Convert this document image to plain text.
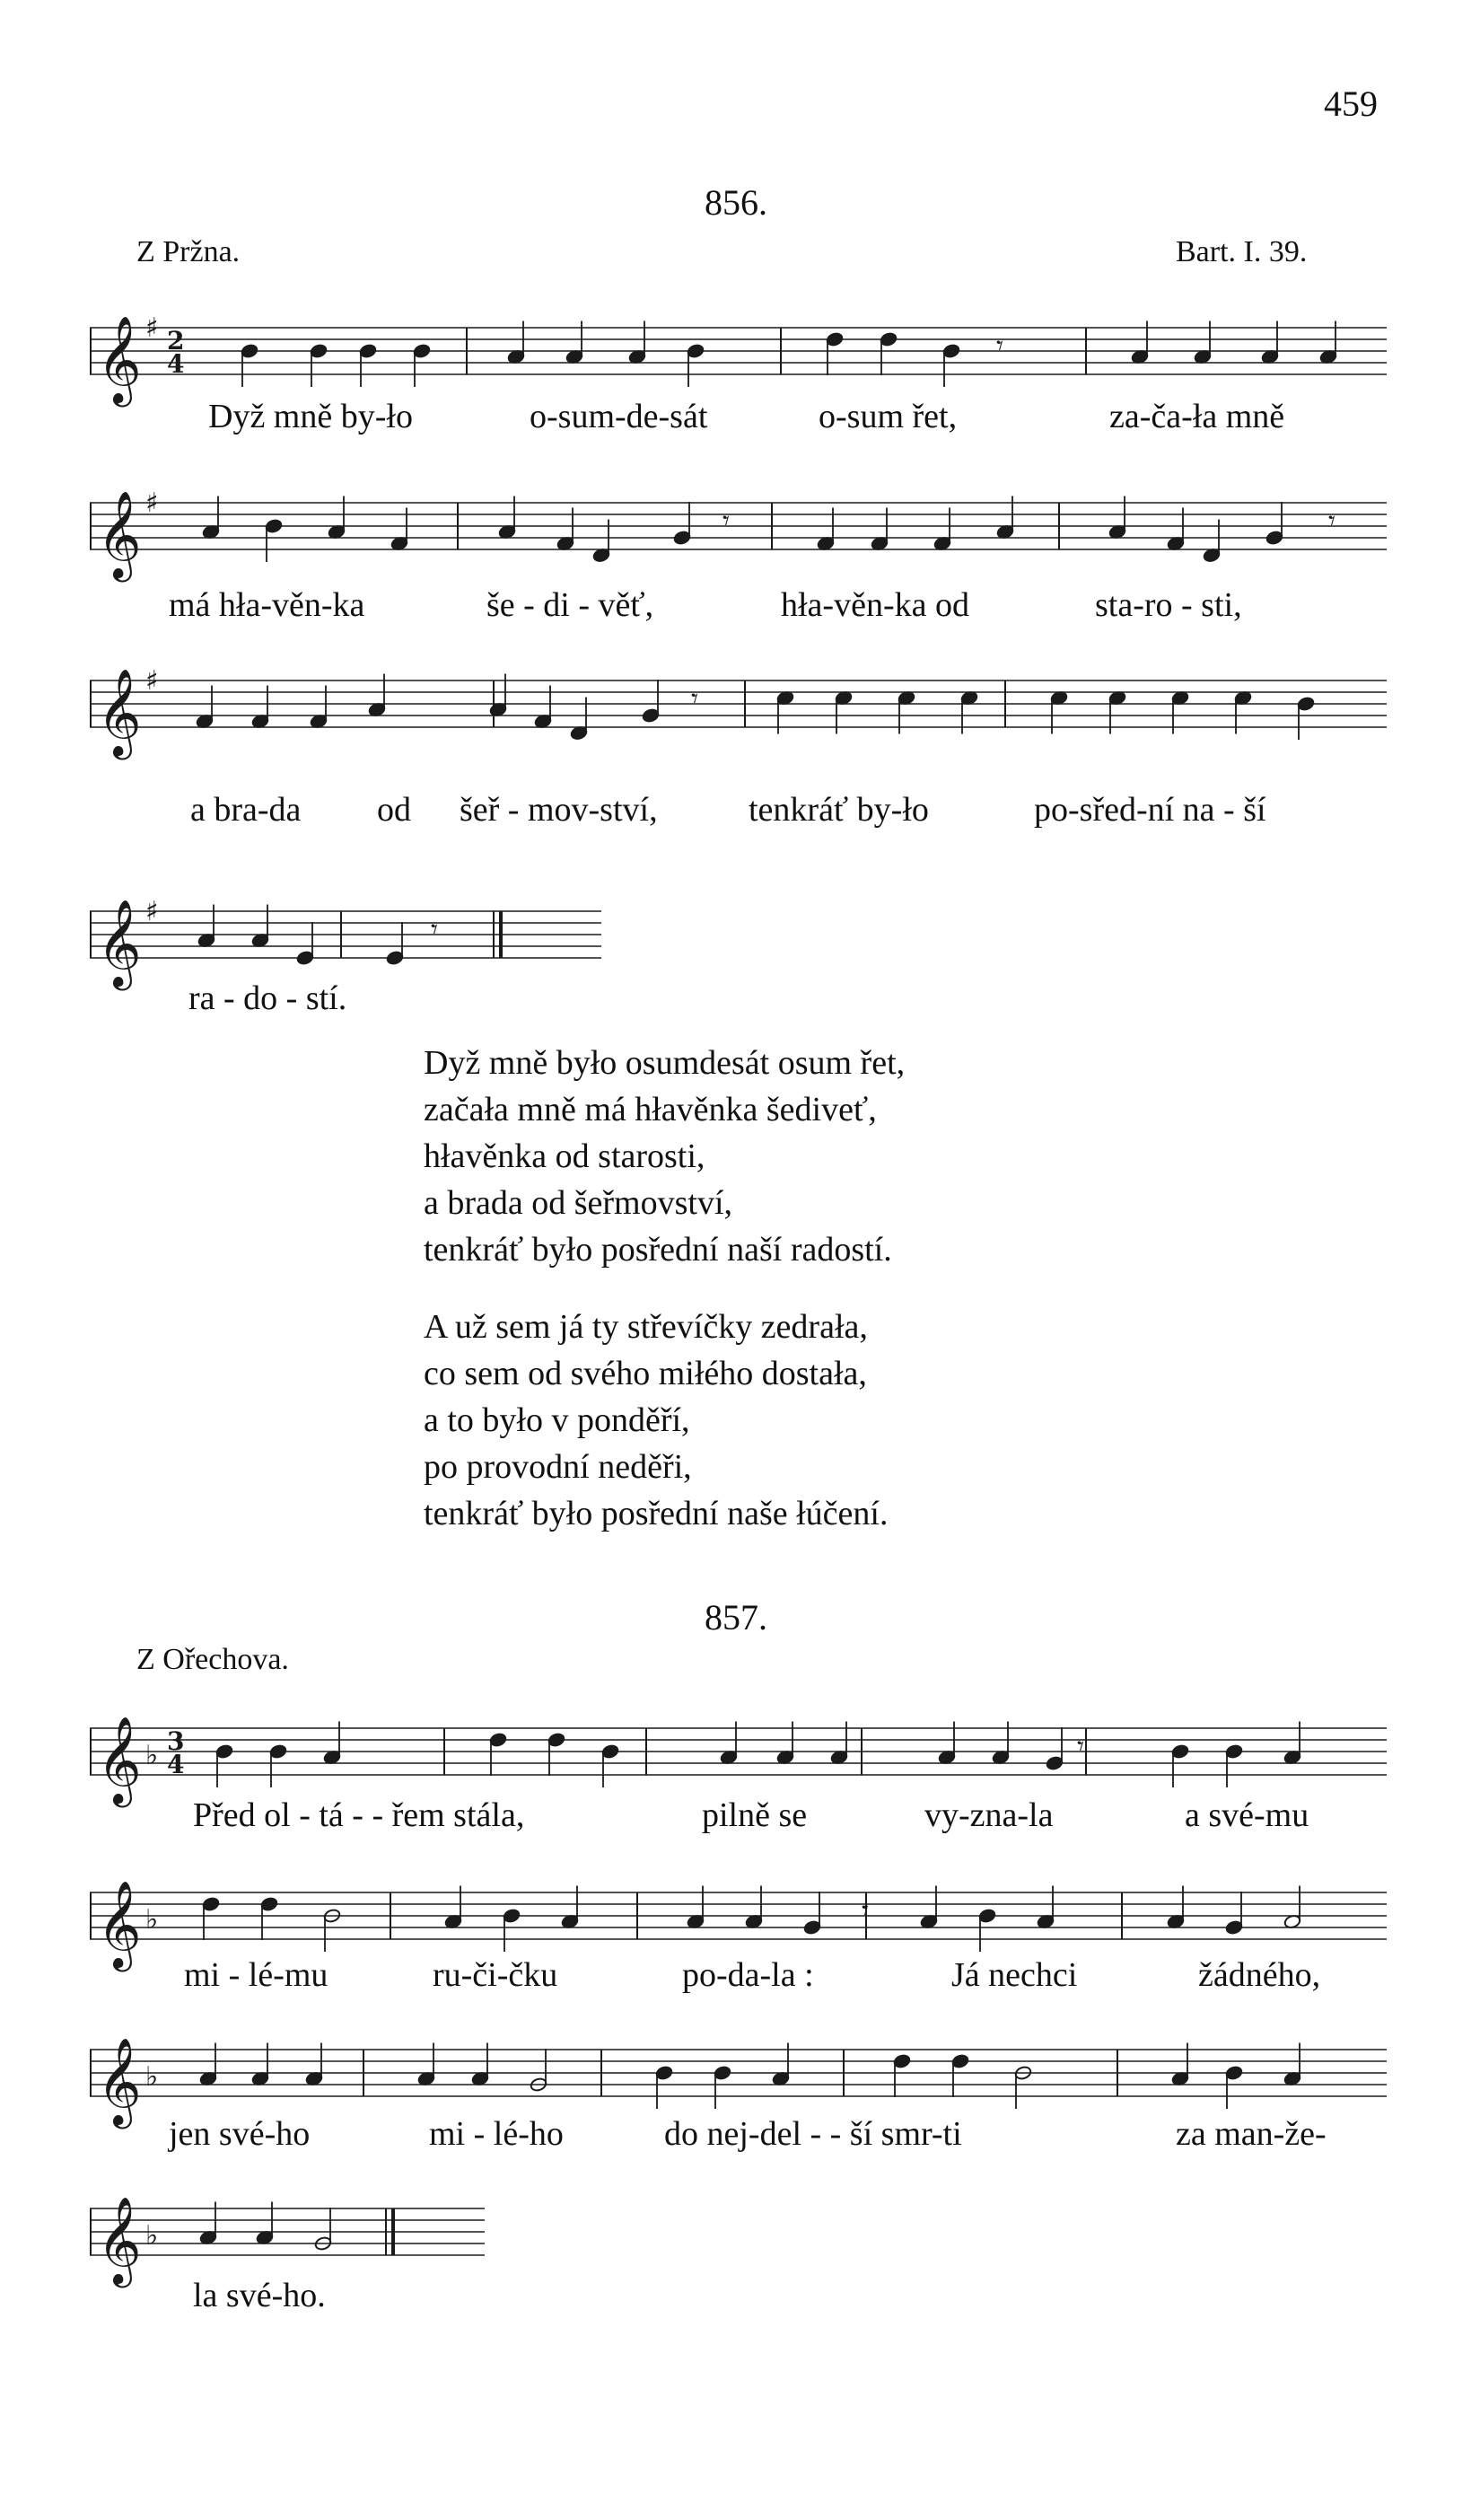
459
856.
Z Pržna.	Bart. I. 39.
𝄞 ♯ 2
4
𝄾
Dyž mně by-ło	o-sum-de-sát	o-sum řet,	za-ča-ła mně
𝄞 ♯
𝄾	𝄾
má hła-věn-ka	še - di - věť,	hła-věn-ka od	sta-ro - sti,
𝄞 ♯
𝄾
a bra-da od šeř - mov-ství,	tenkráť by-ło	po-sřed-ní na - ší
𝄞 ♯
𝄾
ra - do - stí.
Dyž mně było osumdesát osum řet,
začała mně má hłavěnka šediveť,
hłavěnka od starosti,
a brada od šeřmovství,
tenkráť było posřední naší radostí.
A už sem já ty střevíčky zedrała,
co sem od svého miłého dostała,
a to było v ponděří,
po provodní neděři,
tenkráť było posřední naše łúčení.
857.
Z Ořechova.
𝄞 ♭ 3
4
𝄾
Před ol - tá - - řem stála,	pilně se	vy-zna-la	a své-mu
𝄞 ♭	𝄾
mi - lé-mu	ru-či-čku	po-da-la :	Já nechci	žádného,
𝄞 ♭
jen své-ho	mi - lé-ho	do nej-del - - ší smr-ti	za man-že-
𝄞 ♭
la své-ho.
